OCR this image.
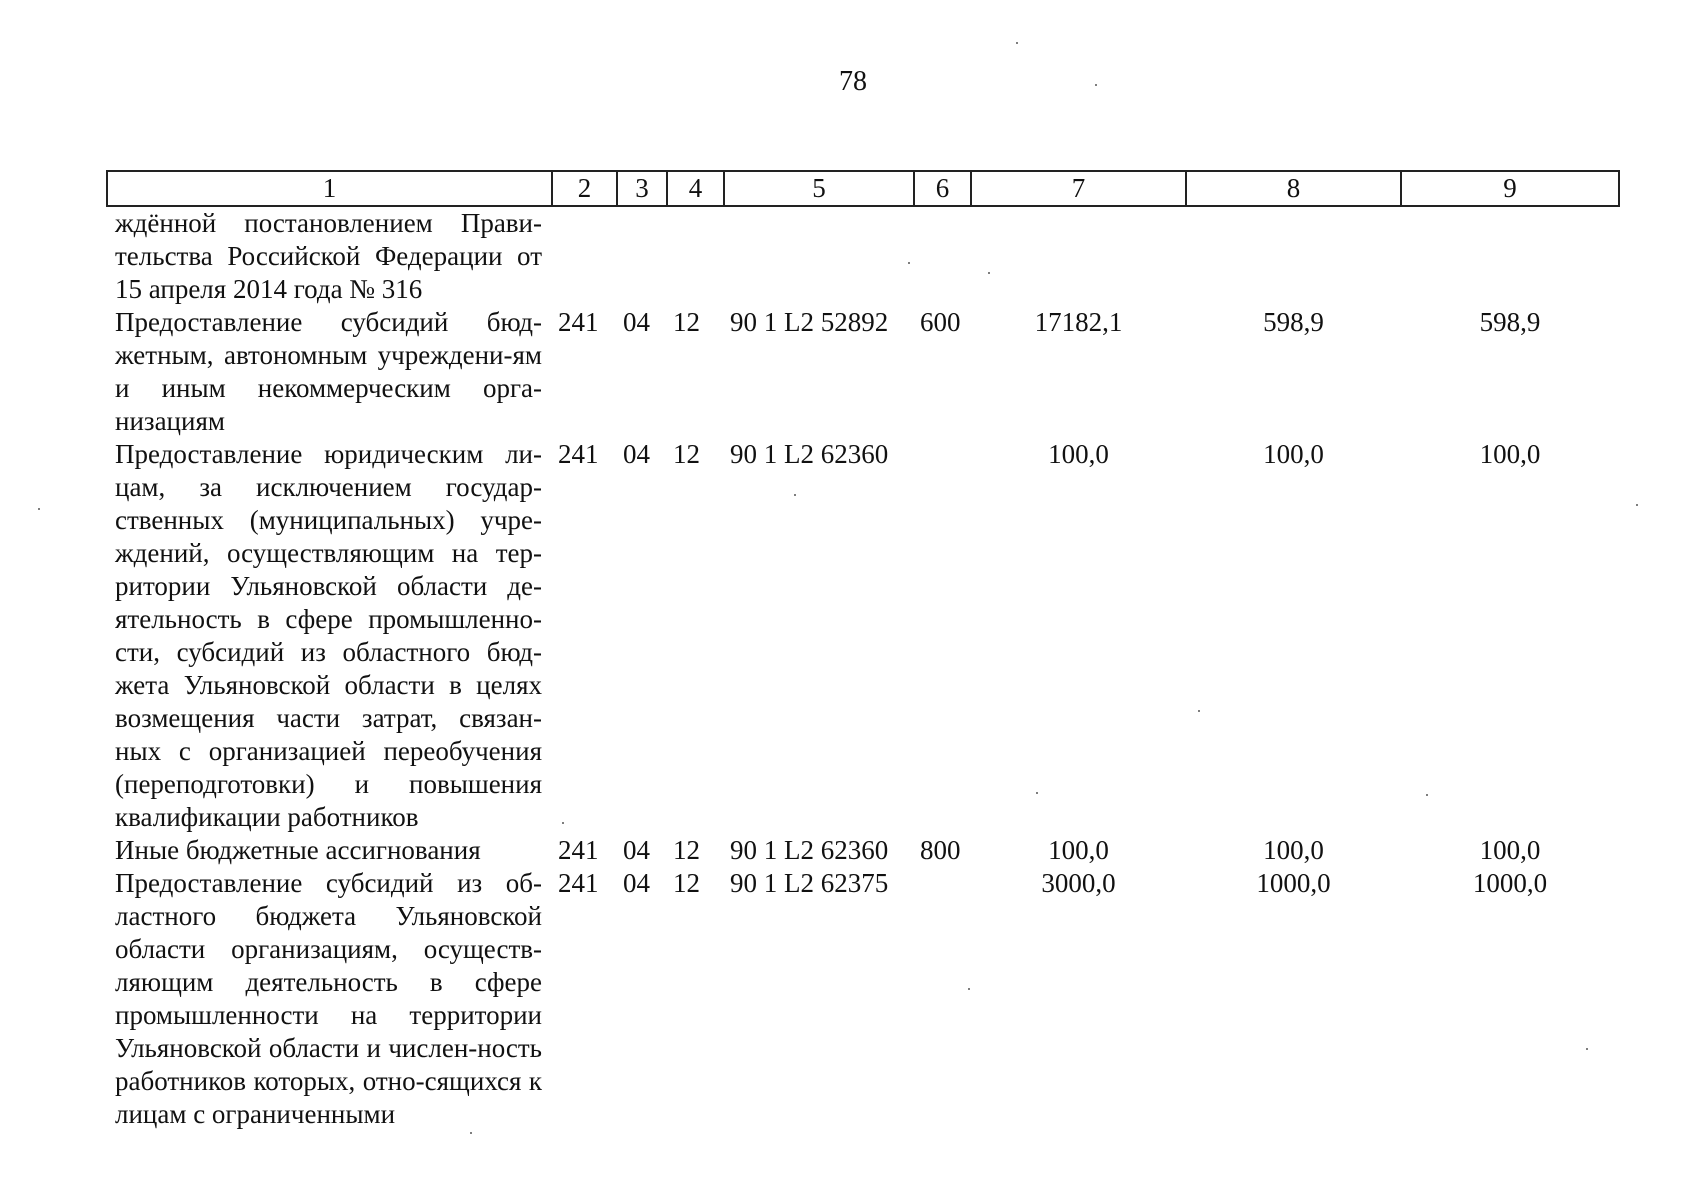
78
1	2	3	4	5	6	7	8	9
ждённой постановлением Прави-тельства Российской Федерации от 15 апреля 2014 года № 316								
Предоставление субсидий бюд-жетным, автономным учреждени-ям и иным некоммерческим орга-низациям	241	04	12	90 1 L2 52892	600	17182,1	598,9	598,9
Предоставление юридическим ли-цам, за исключением государ-ственных (муниципальных) учре-ждений, осуществляющим на тер-ритории Ульяновской области де-ятельность в сфере промышленно-сти, субсидий из областного бюд-жета Ульяновской области в целях возмещения части затрат, связан-ных с организацией переобучения (переподготовки) и повышения квалификации работников	241	04	12	90 1 L2 62360		100,0	100,0	100,0
Иные бюджетные ассигнования	241	04	12	90 1 L2 62360	800	100,0	100,0	100,0
Предоставление субсидий из об-ластного бюджета Ульяновской области организациям, осуществ-ляющим деятельность в сфере промышленности на территории Ульяновской области и числен-ность работников которых, отно-сящихся к лицам с ограниченными	241	04	12	90 1 L2 62375		3000,0	1000,0	1000,0
